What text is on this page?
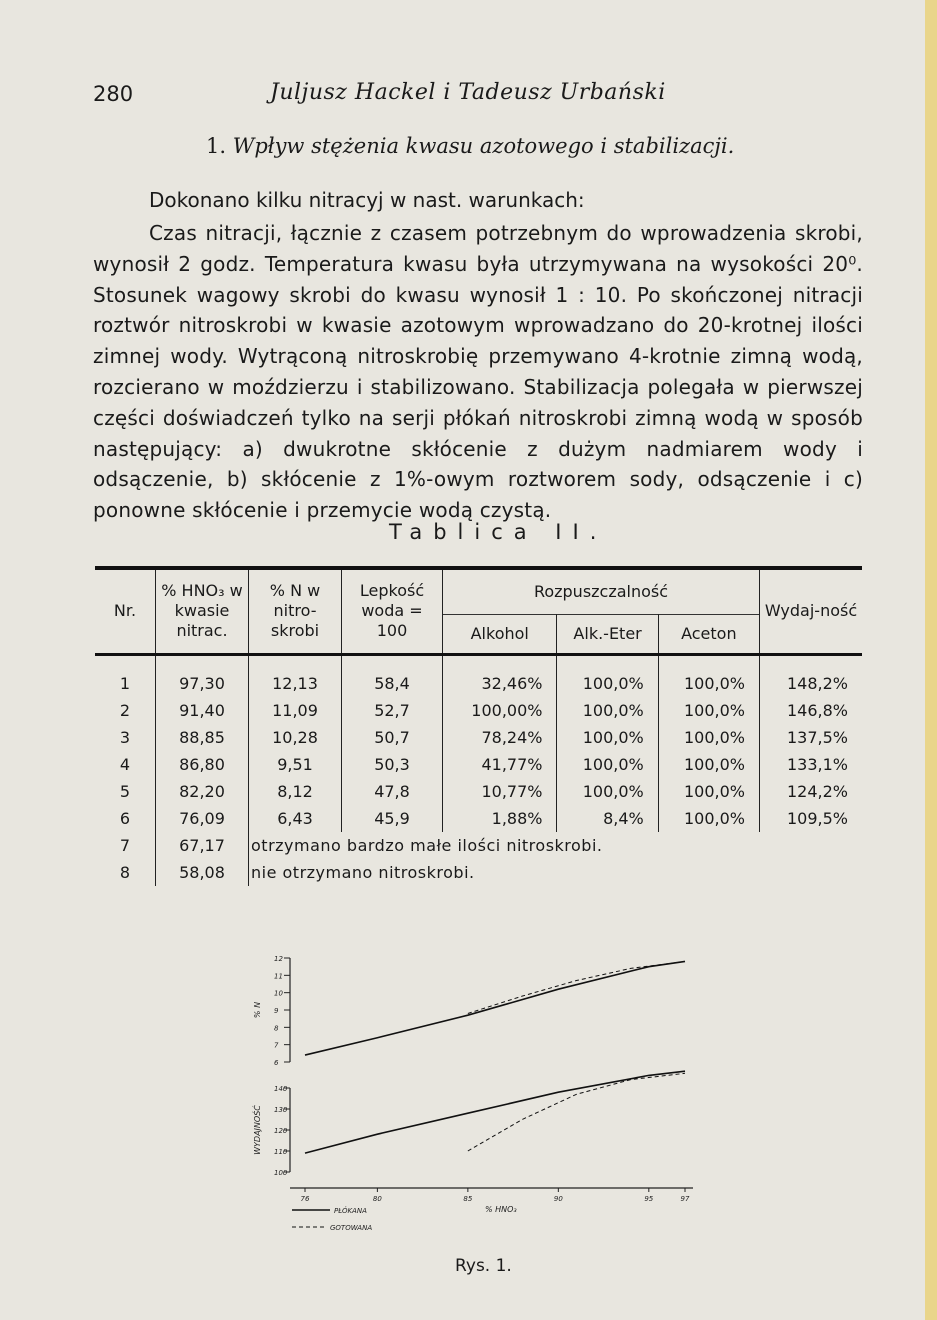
280	Juljusz Hackel i Tadeusz Urbański
1. Wpływ stężenia kwasu azotowego i stabilizacji.
Dokonano kilku nitracyj w nast. warunkach:
Czas nitracji, łącznie z czasem potrzebnym do wprowadzenia skrobi, wynosił 2 godz. Temperatura kwasu była utrzymywana na wysokości 20⁰. Stosunek wagowy skrobi do kwasu wynosił 1 : 10. Po skończonej nitracji roztwór nitroskrobi w kwasie azotowym wprowadzano do 20-krotnej ilości zimnej wody. Wytrąconą nitroskrobię przemywano 4-krotnie zimną wodą, rozcierano w moździerzu i stabilizowano. Stabilizacja polegała w pierwszej części doświadczeń tylko na serji płókań nitroskrobi zimną wodą w sposób następujący: a) dwukrotne skłócenie z dużym nadmiarem wody i odsączenie, b) skłócenie z 1%-owym roztworem sody, odsączenie i c) ponowne skłócenie i przemycie wodą czystą.
Tablica II.
Nr.	% HNO₃ w kwasie nitrac.	% N w nitro-skrobi	Lepkość woda = 100	Rozpuszczalność			Wydaj-ność
				Alkohol	Alk.-Eter	Aceton	
1	97,30	12,13	58,4	32,46%	100,0%	100,0%	148,2%
2	91,40	11,09	52,7	100,00%	100,0%	100,0%	146,8%
3	88,85	10,28	50,7	78,24%	100,0%	100,0%	137,5%
4	86,80	9,51	50,3	41,77%	100,0%	100,0%	133,1%
5	82,20	8,12	47,8	10,77%	100,0%	100,0%	124,2%
6	76,09	6,43	45,9	1,88%	8,4%	100,0%	109,5%
7	67,17	otrzymano bardzo małe ilości nitroskrobi.					
8	58,08	nie otrzymano nitroskrobi.					
6
7
8
9
10
11
12
% N
100
110
120
130
140
WYDAJNOŚĆ
76	80	85	90	95	97
% HNO₃
PŁÓKANA
GOTOWANA
Rys. 1.
